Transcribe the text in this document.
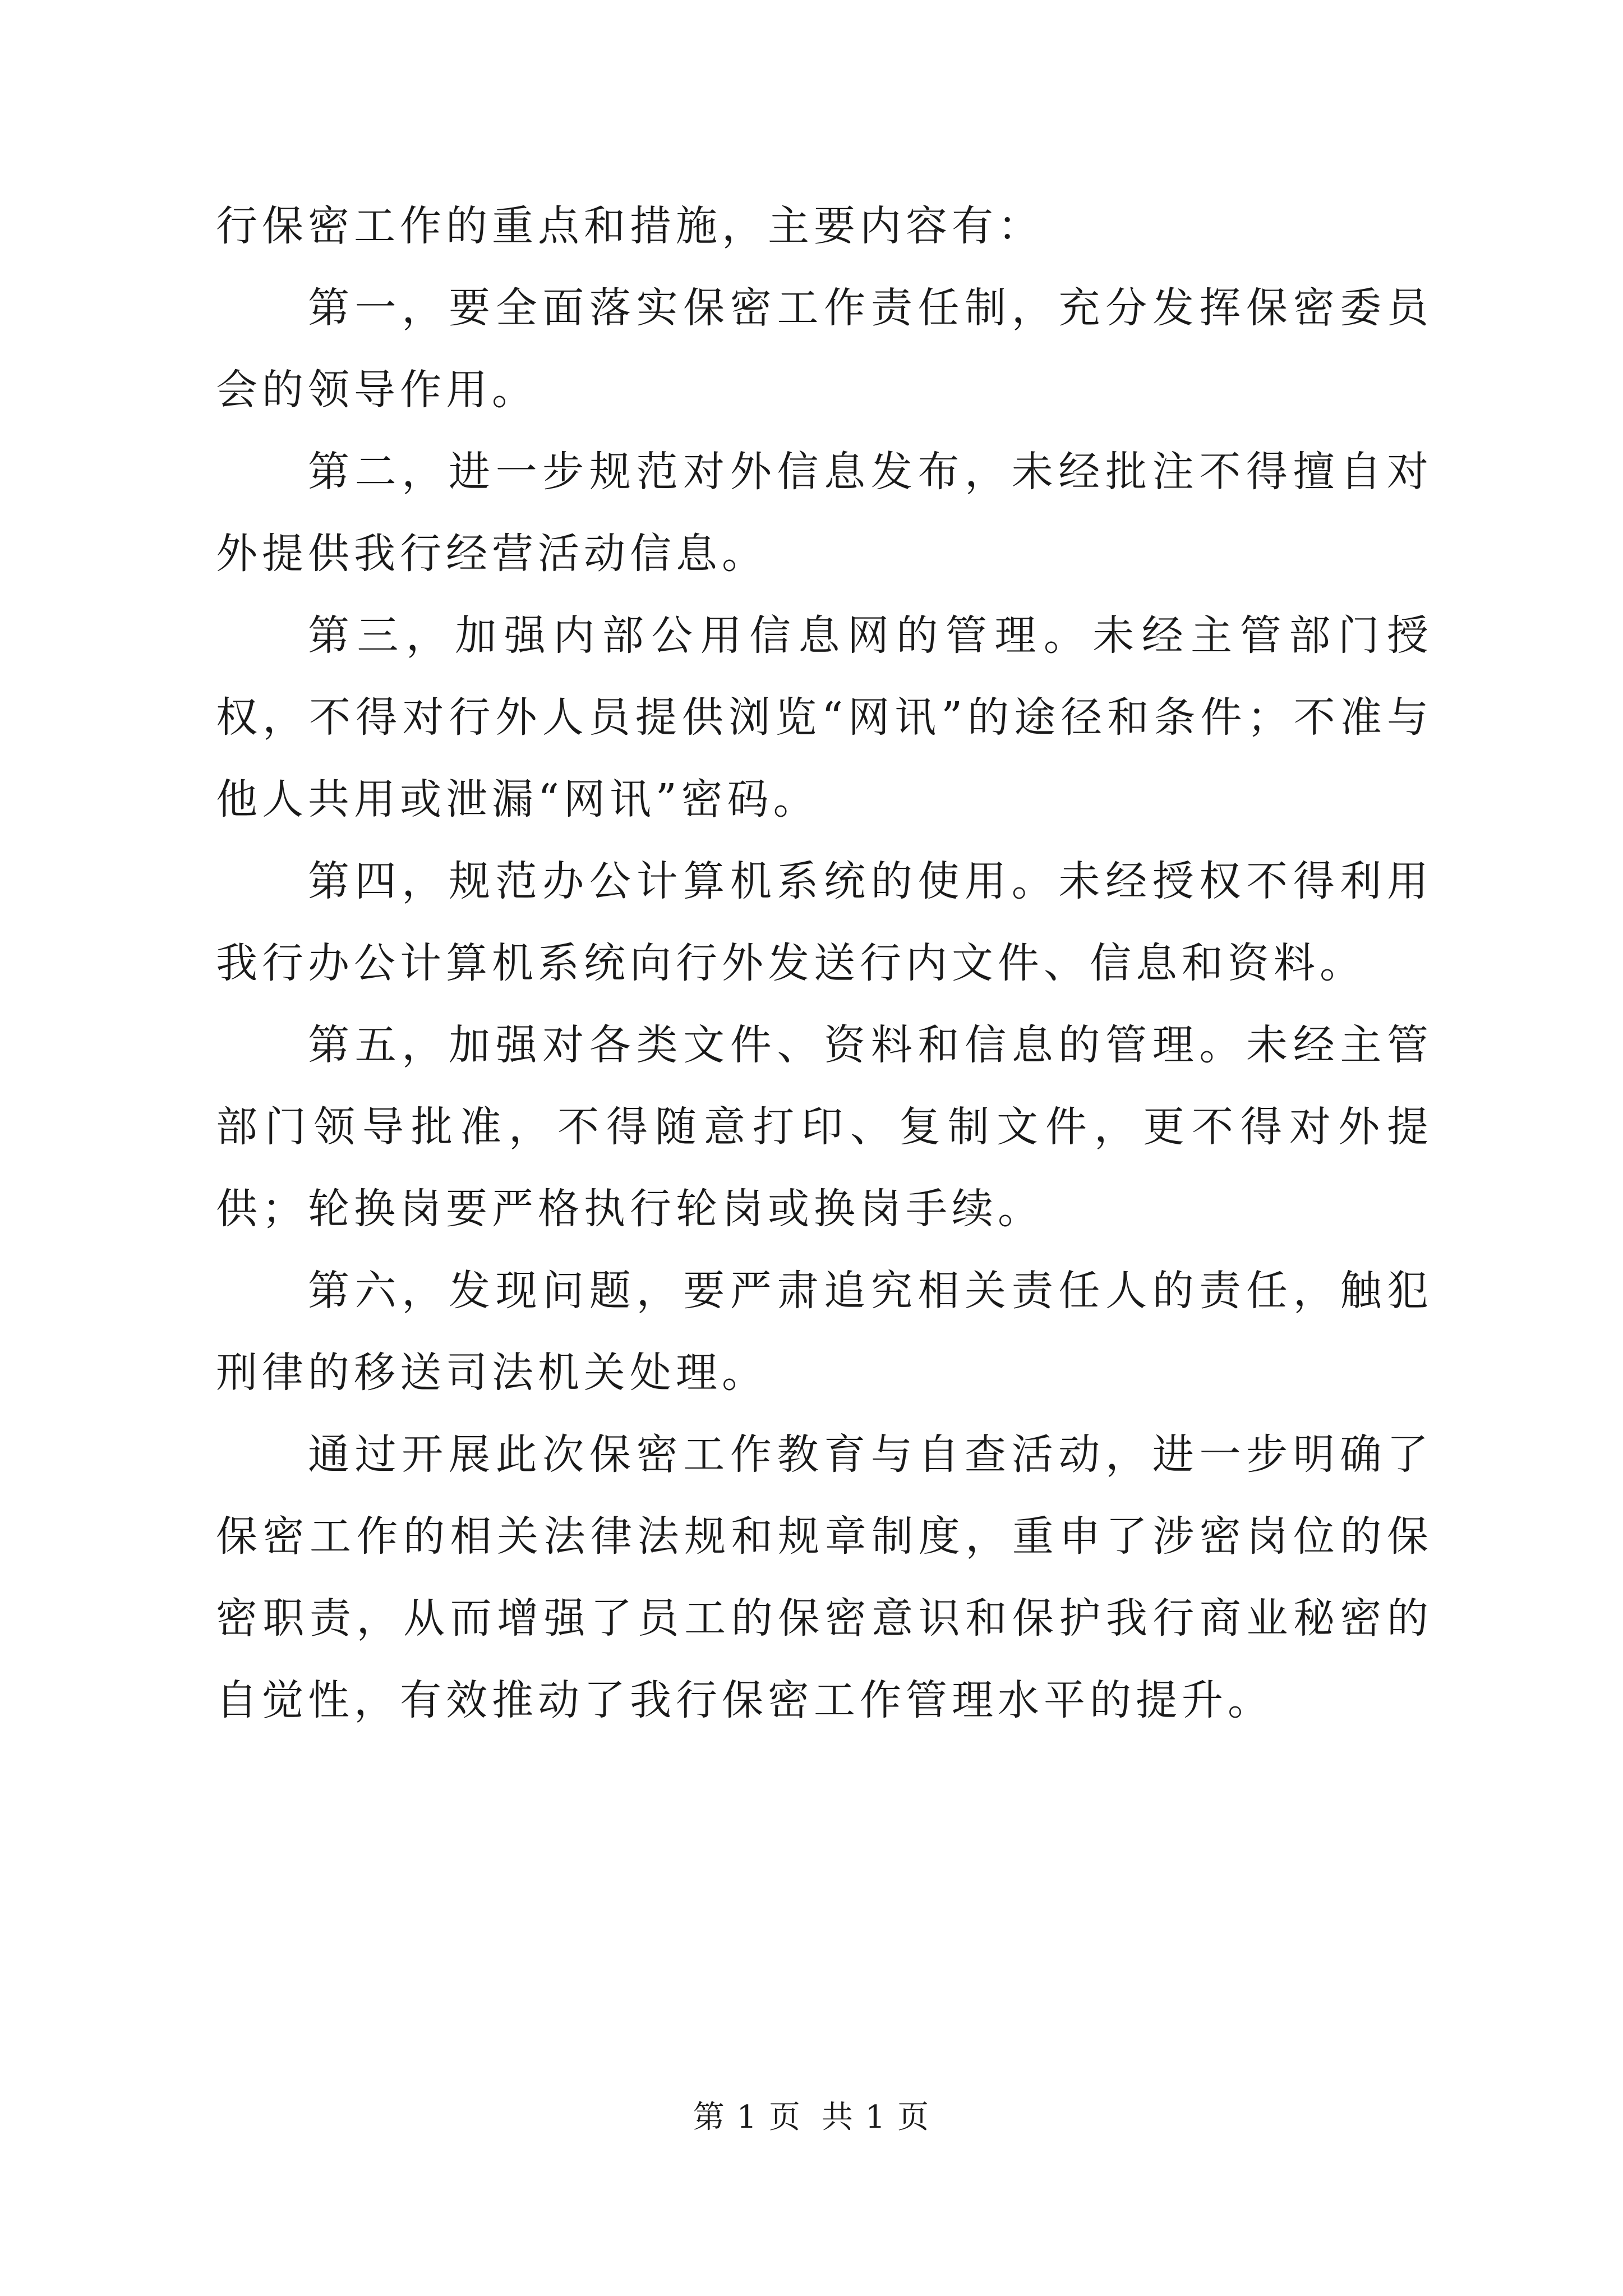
行保密工作的重点和措施，主要内容有：

第一，要全面落实保密工作责任制，充分发挥保密委员会的领导作用。

第二，进一步规范对外信息发布，未经批注不得擅自对外提供我行经营活动信息。

第三，加强内部公用信息网的管理。未经主管部门授权，不得对行外人员提供浏览“网讯”的途径和条件；不准与他人共用或泄漏“网讯”密码。

第四，规范办公计算机系统的使用。未经授权不得利用我行办公计算机系统向行外发送行内文件、信息和资料。

第五，加强对各类文件、资料和信息的管理。未经主管部门领导批准，不得随意打印、复制文件，更不得对外提供；轮换岗要严格执行轮岗或换岗手续。

第六，发现问题，要严肃追究相关责任人的责任，触犯刑律的移送司法机关处理。

通过开展此次保密工作教育与自查活动，进一步明确了保密工作的相关法律法规和规章制度，重申了涉密岗位的保密职责，从而增强了员工的保密意识和保护我行商业秘密的自觉性，有效推动了我行保密工作管理水平的提升。

第 1 页 共 1 页
